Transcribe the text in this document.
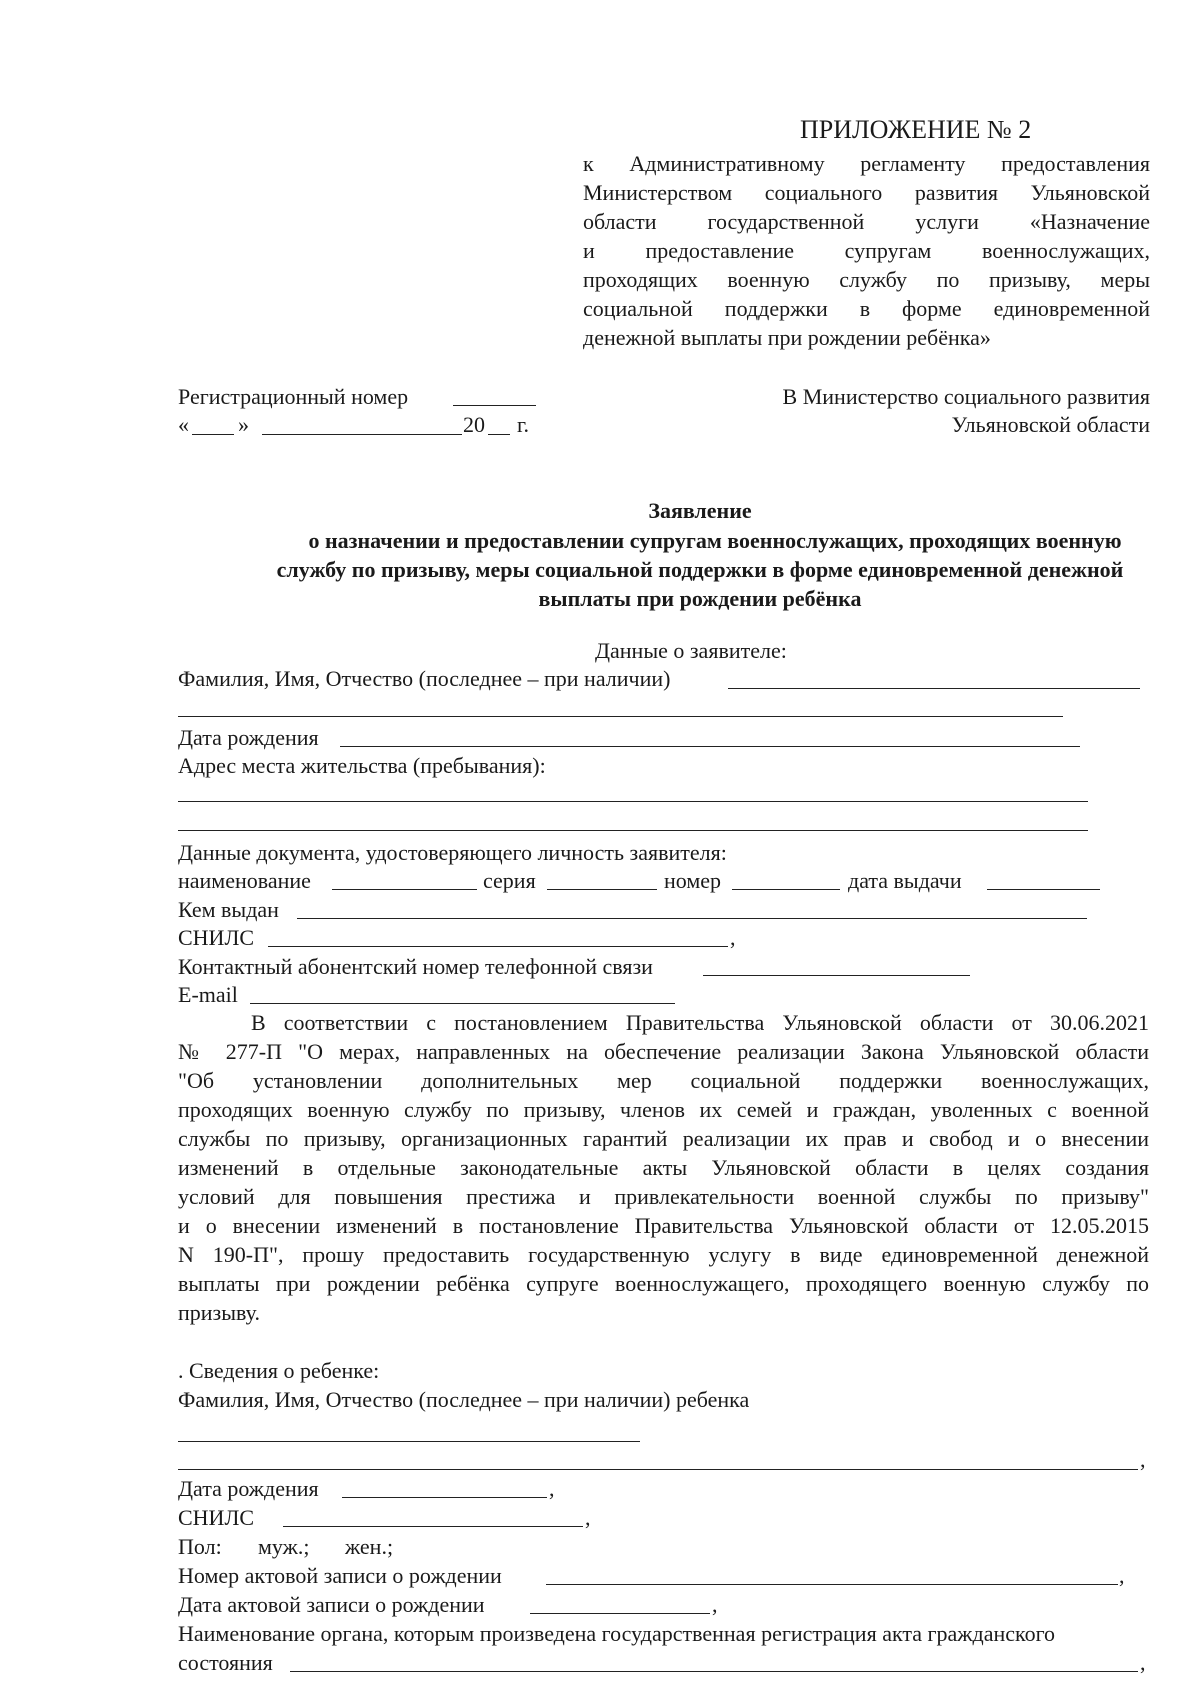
ПРИЛОЖЕНИЕ № 2
к Административному регламенту предоставления
Министерством социального развития Ульяновской
области государственной услуги «Назначение
и предоставление супругам военнослужащих,
проходящих военную службу по призыву, меры
социальной поддержки в форме единовременной
денежной выплаты при рождении ребёнка»
Регистрационный номер
« »	20 г.
В Министерство социального развития
Ульяновской области
Заявление
о назначении и предоставлении супругам военнослужащих, проходящих военную
службу по призыву, меры социальной поддержки в форме единовременной денежной
выплаты при рождении ребёнка
Данные о заявителе:
Фамилия, Имя, Отчество (последнее – при наличии)
Дата рождения
Адрес места жительства (пребывания):
Данные документа, удостоверяющего личность заявителя:
наименование	серия	номер	дата выдачи
Кем выдан
СНИЛС	,
Контактный абонентский номер телефонной связи
E-mail
В соответствии с постановлением Правительства Ульяновской области от 30.06.2021
№ 277-П "О мерах, направленных на обеспечение реализации Закона Ульяновской области
"Об установлении дополнительных мер социальной поддержки военнослужащих,
проходящих военную службу по призыву, членов их семей и граждан, уволенных с военной
службы по призыву, организационных гарантий реализации их прав и свобод и о внесении
изменений в отдельные законодательные акты Ульяновской области в целях создания
условий для повышения престижа и привлекательности военной службы по призыву"
и о внесении изменений в постановление Правительства Ульяновской области от 12.05.2015
N 190-П", прошу предоставить государственную услугу в виде единовременной денежной
выплаты при рождении ребёнка супруге военнослужащего, проходящего военную службу по
призыву.
. Сведения о ребенке:
Фамилия, Имя, Отчество (последнее – при наличии) ребенка
,
Дата рождения	,
СНИЛС	,
Пол: муж.; жен.;
Номер актовой записи о рождении	,
Дата актовой записи о рождении	,
Наименование органа, которым произведена государственная регистрация акта гражданского
состояния	,
